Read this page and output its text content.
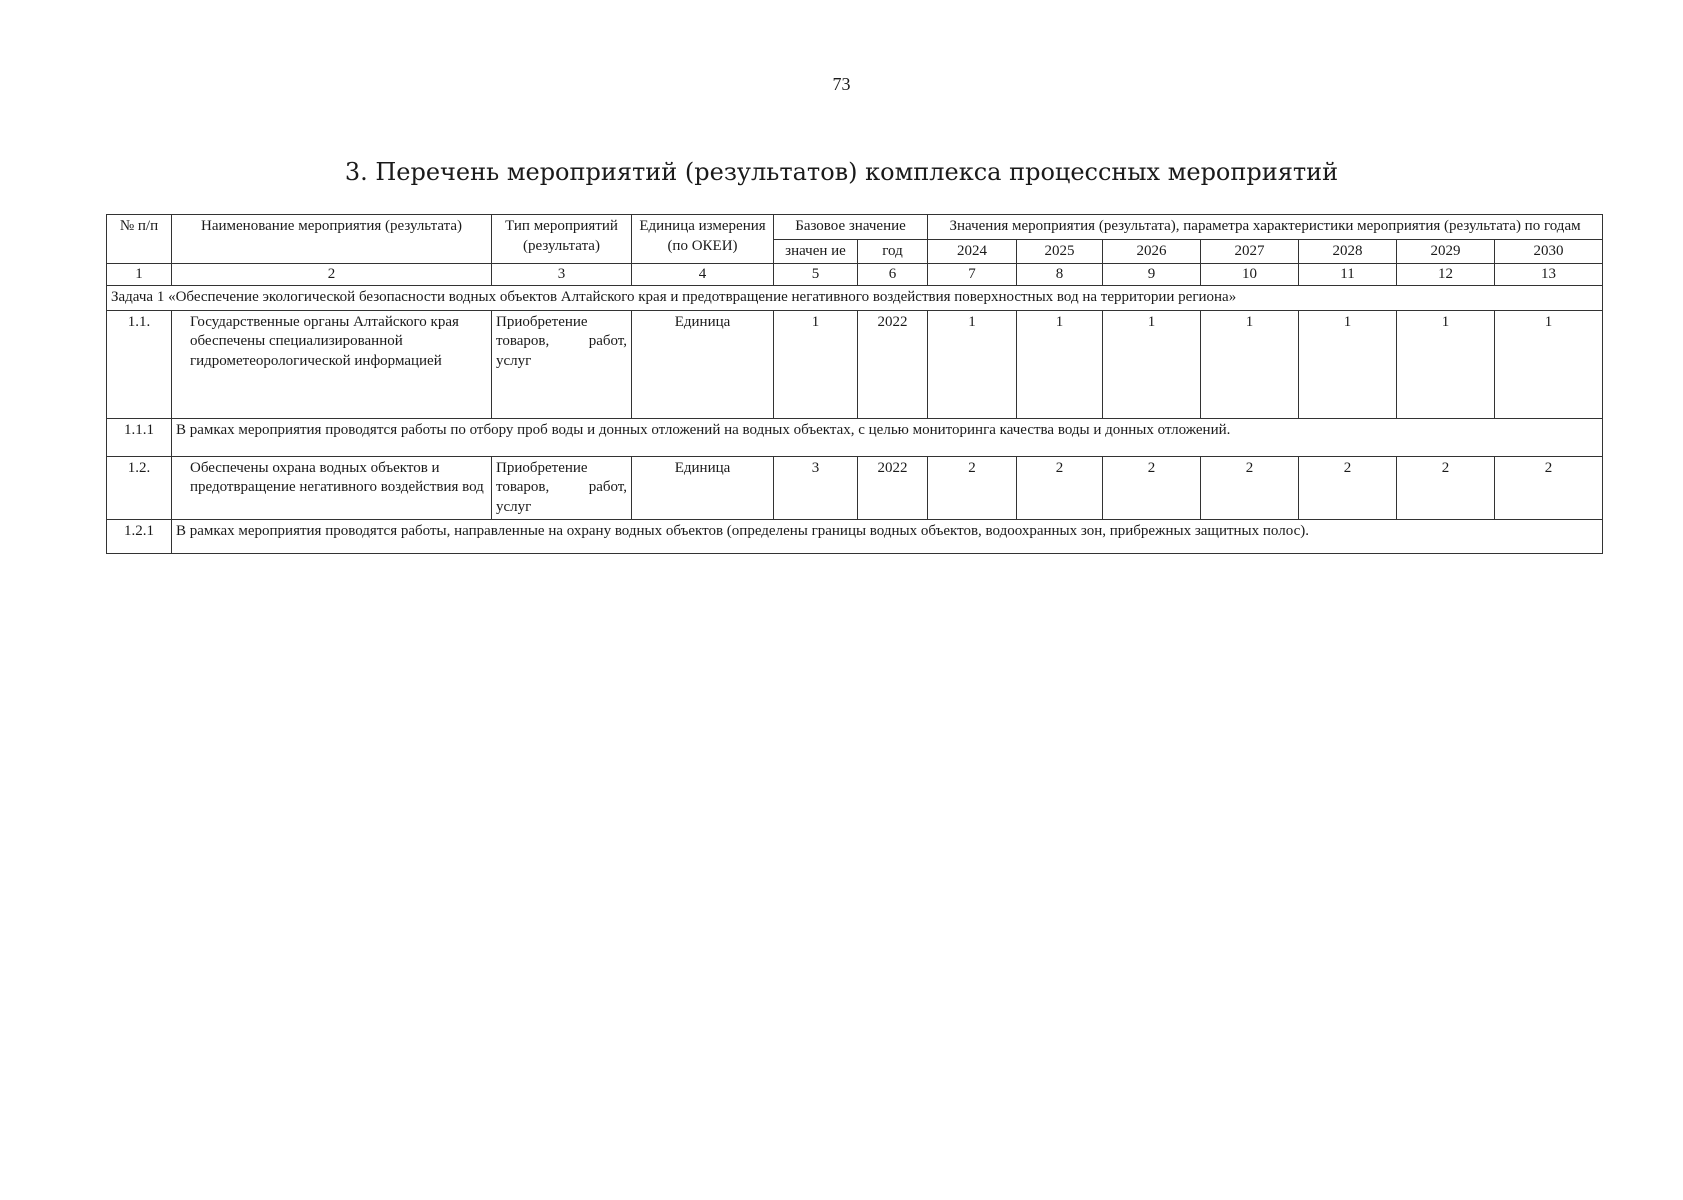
73
3. Перечень мероприятий (результатов) комплекса процессных мероприятий
№ п/п	Наименование мероприятия (результата)	Тип мероприятий (результата)	Единица измерения (по ОКЕИ)	Базовое значение		Значения мероприятия (результата), параметра характеристики мероприятия (результата) по годам						
				значен ие	год	2024	2025	2026	2027	2028	2029	2030
1	2	3	4	5	6	7	8	9	10	11	12	13
Задача 1 «Обеспечение экологической безопасности водных объектов Алтайского края и предотвращение негативного воздействия поверхностных вод на территории региона»												
1.1.	Государственные органы Алтайского края обеспечены специализированной гидрометеорологической информацией	Приобретение товаров, работ, услуг	Единица	1	2022	1	1	1	1	1	1	1
1.1.1	В рамках мероприятия проводятся работы по отбору проб воды и донных отложений на водных объектах, с целью мониторинга качества воды и донных отложений.											
1.2.	Обеспечены охрана водных объектов и предотвращение негативного воздействия вод	Приобретение товаров, работ, услуг	Единица	3	2022	2	2	2	2	2	2	2
1.2.1	В рамках мероприятия проводятся работы, направленные на охрану водных объектов (определены границы водных объектов, водоохранных зон, прибрежных защитных полос).											
